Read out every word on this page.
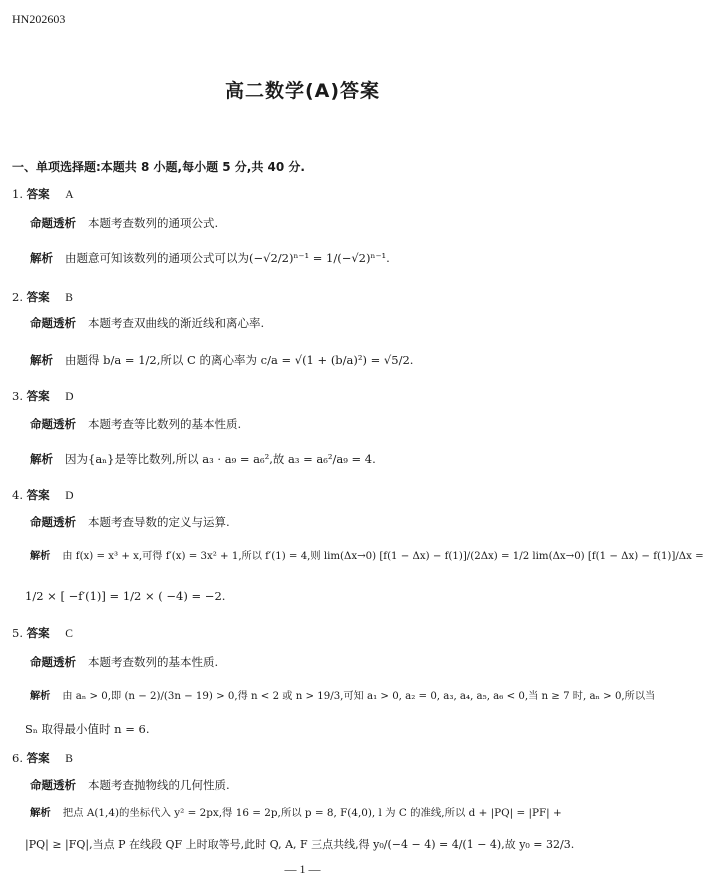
HN202603
高二数学(A)答案
一、单项选择题:本题共 8 小题,每小题 5 分,共 40 分.
1. 答案 A
命题透析 本题考查数列的通项公式.
解析 由题意可知该数列的通项公式可以为(−√2/2)ⁿ⁻¹ = 1/(−√2)ⁿ⁻¹.
2. 答案 B
命题透析 本题考查双曲线的渐近线和离心率.
解析 由题得 b/a = 1/2,所以 C 的离心率为 c/a = √(1 + (b/a)²) = √5/2.
3. 答案 D
命题透析 本题考查等比数列的基本性质.
解析 因为{aₙ}是等比数列,所以 a₃ · a₉ = a₆²,故 a₃ = a₆²/a₉ = 4.
4. 答案 D
命题透析 本题考查导数的定义与运算.
解析 由 f(x) = x³ + x,可得 f′(x) = 3x² + 1,所以 f′(1) = 4,则 lim(Δx→0) [f(1 − Δx) − f(1)]/(2Δx) = 1/2 lim(Δx→0) [f(1 − Δx) − f(1)]/Δx =
1/2 × [ −f′(1)] = 1/2 × ( −4) = −2.
5. 答案 C
命题透析 本题考查数列的基本性质.
解析 由 aₙ > 0,即 (n − 2)/(3n − 19) > 0,得 n < 2 或 n > 19/3,可知 a₁ > 0, a₂ = 0, a₃, a₄, a₅, a₆ < 0,当 n ≥ 7 时, aₙ > 0,所以当
Sₙ 取得最小值时 n = 6.
6. 答案 B
命题透析 本题考查抛物线的几何性质.
解析 把点 A(1,4)的坐标代入 y² = 2px,得 16 = 2p,所以 p = 8, F(4,0), l 为 C 的准线,所以 d + |PQ| = |PF| +
|PQ| ≥ |FQ|,当点 P 在线段 QF 上时取等号,此时 Q, A, F 三点共线,得 y₀/(−4 − 4) = 4/(1 − 4),故 y₀ = 32/3.
— 1 —
